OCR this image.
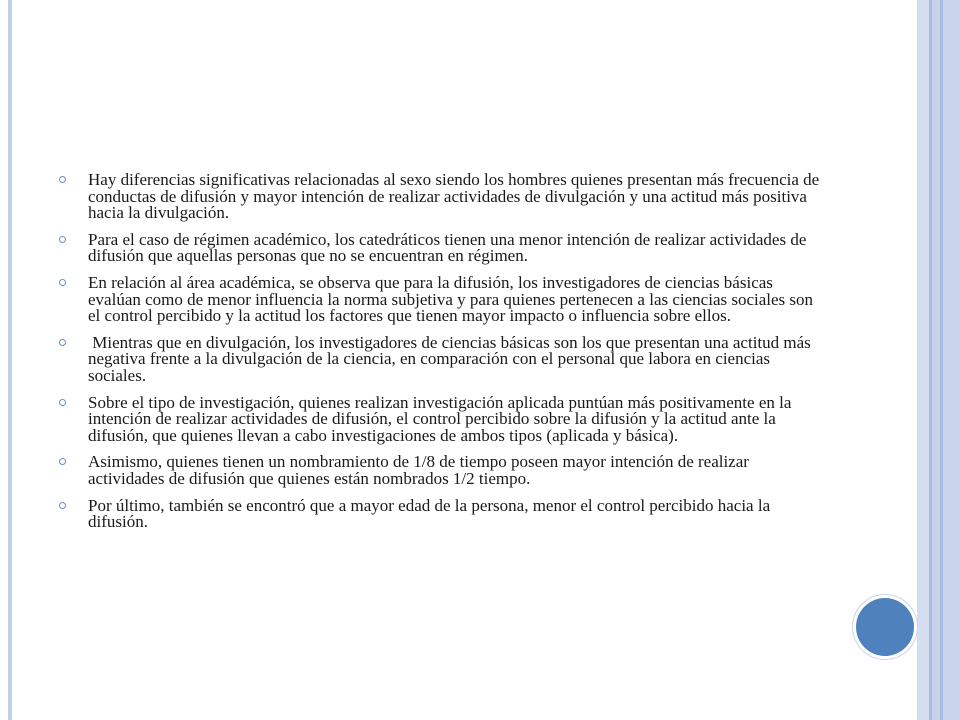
Hay diferencias significativas relacionadas al sexo siendo los hombres quienes presentan más frecuencia de conductas de difusión y mayor intención de realizar actividades de divulgación y una actitud más positiva hacia la divulgación.
Para el caso de régimen académico, los catedráticos tienen una menor intención de realizar actividades de difusión que aquellas personas que no se encuentran en régimen.
En relación al área académica, se observa que para la difusión, los investigadores de ciencias básicas evalúan como de menor influencia la norma subjetiva y para quienes pertenecen a las ciencias sociales son el control percibido y la actitud los factores que tienen mayor impacto o influencia sobre ellos.
Mientras que en divulgación, los investigadores de ciencias básicas son los que presentan una actitud más negativa frente a la divulgación de la ciencia, en comparación con el personal que labora en ciencias sociales.
Sobre el tipo de investigación, quienes realizan investigación aplicada puntúan más positivamente en la intención de realizar actividades de difusión, el control percibido sobre la difusión y la actitud ante la difusión, que quienes llevan a cabo investigaciones de ambos tipos (aplicada y básica).
Asimismo, quienes tienen un nombramiento de 1/8 de tiempo poseen mayor intención de realizar actividades de difusión que quienes están nombrados 1/2 tiempo.
Por último, también se encontró que a mayor edad de la persona, menor el control percibido hacia la difusión.
